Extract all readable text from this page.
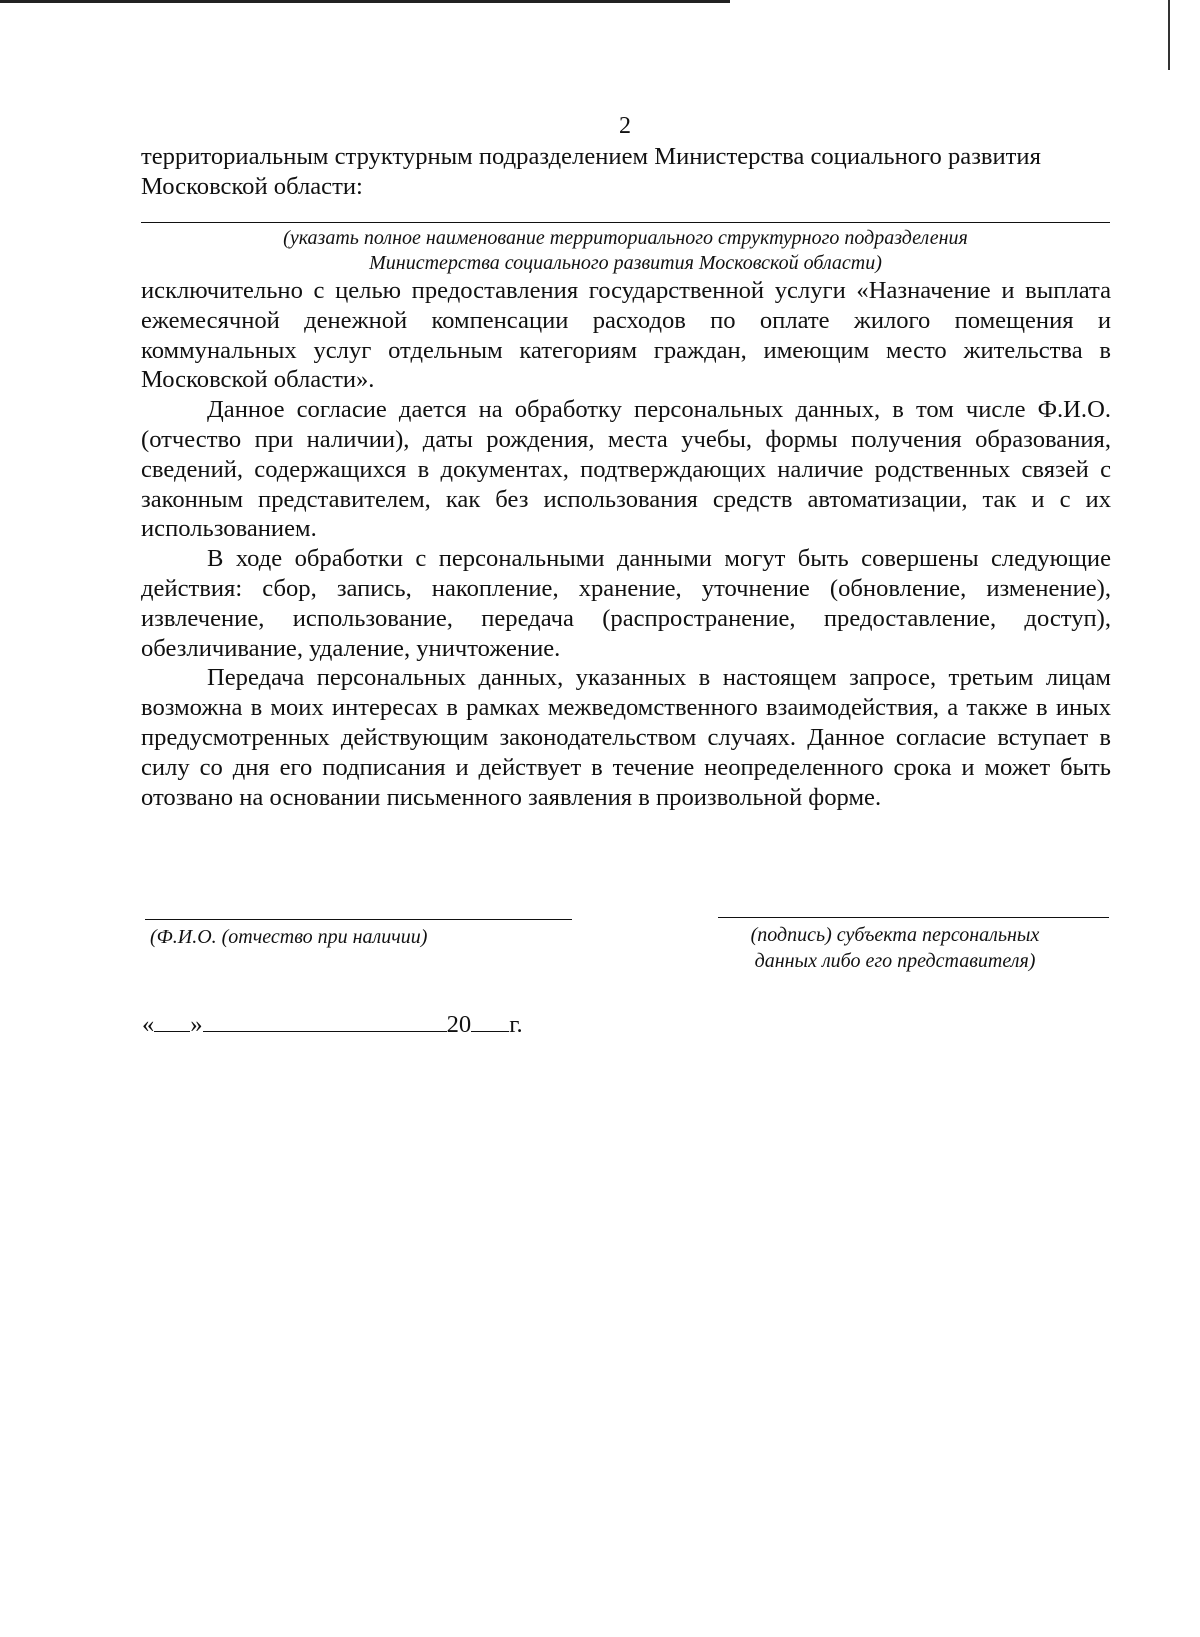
2

территориальным структурным подразделением Министерства социального развития Московской области:

(указать полное наименование территориального структурного подразделения
Министерства социального развития Московской области)

исключительно с целью предоставления государственной услуги «Назначение и выплата ежемесячной денежной компенсации расходов по оплате жилого помещения и коммунальных услуг отдельным категориям граждан, имеющим место жительства в Московской области».

Данное согласие дается на обработку персональных данных, в том числе Ф.И.О. (отчество при наличии), даты рождения, места учебы, формы получения образования, сведений, содержащихся в документах, подтверждающих наличие родственных связей с законным представителем, как без использования средств автоматизации, так и с их использованием.

В ходе обработки с персональными данными могут быть совершены следующие действия: сбор, запись, накопление, хранение, уточнение (обновление, изменение), извлечение, использование, передача (распространение, предоставление, доступ), обезличивание, удаление, уничтожение.

Передача персональных данных, указанных в настоящем запросе, третьим лицам возможна в моих интересах в рамках межведомственного взаимодействия, а также в иных предусмотренных действующим законодательством случаях. Данное согласие вступает в силу со дня его подписания и действует в течение неопределенного срока и может быть отозвано на основании письменного заявления в произвольной форме.

(Ф.И.О. (отчество при наличии)	(подпись) субъекта персональных
данных либо его представителя)
« »	20 г.
